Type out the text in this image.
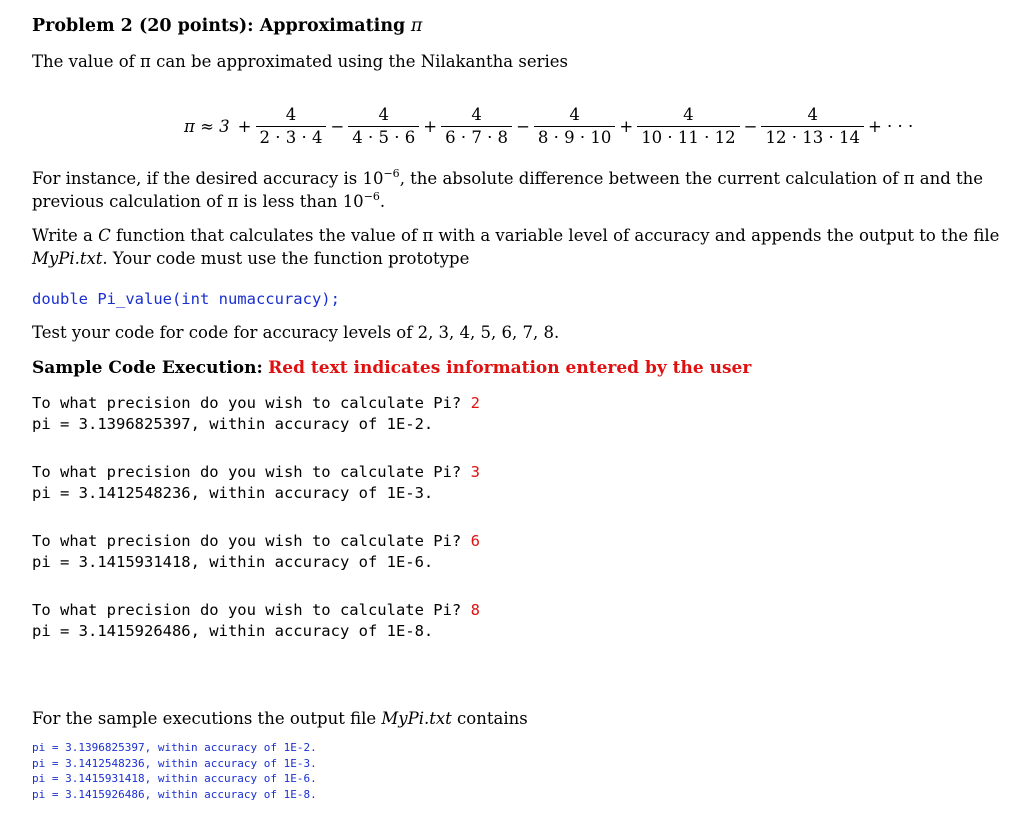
Problem 2 (20 points): Approximating π
The value of π can be approximated using the Nilakantha series
$\pi \approx 3 + \frac{4}{2 \cdot 3 \cdot 4} - \frac{4}{4 \cdot 5 \cdot 6} + \frac{4}{6 \cdot 7 \cdot 8} - \frac{4}{8 \cdot 9 \cdot 10} + \frac{4}{10 \cdot 11 \cdot 12} - \frac{4}{12 \cdot 13 \cdot 14}$ + · · ·
For instance, if the desired accuracy is $10^{-6}$, the absolute difference between the current calculation of π and the
previous calculation of π is less than $10^{-6}$.
Write a C function that calculates the value of π with a variable level of accuracy and appends the output to the file
MyPi.txt. Your code must use the function prototype
double Pi_value(int numaccuracy);
Test your code for code for accuracy levels of 2, 3, 4, 5, 6, 7, 8.
Sample Code Execution: Red text indicates information entered by the user
To what precision do you wish to calculate Pi? 2
pi = 3.1396825397, within accuracy of 1E-2.
To what precision do you wish to calculate Pi? 3
pi = 3.1412548236, within accuracy of 1E-3.
To what precision do you wish to calculate Pi? 6
pi = 3.1415931418, within accuracy of 1E-6.
To what precision do you wish to calculate Pi? 8
pi = 3.1415926486, within accuracy of 1E-8.
For the sample executions the output file MyPi.txt contains
pi = 3.1396825397, within accuracy of 1E-2.
pi = 3.1412548236, within accuracy of 1E-3.
pi = 3.1415931418, within accuracy of 1E-6.
pi = 3.1415926486, within accuracy of 1E-8.
